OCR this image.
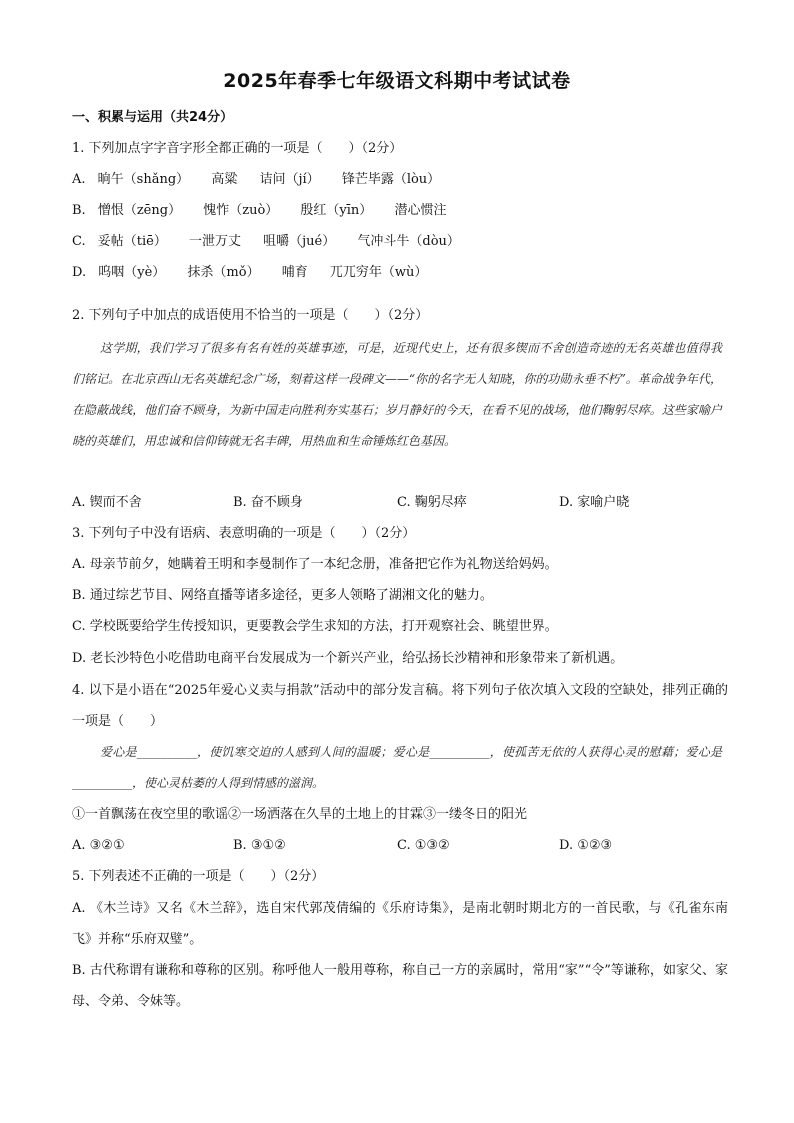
2025年春季七年级语文科期中考试试卷
一、积累与运用（共24分）
1. 下列加点字字音字形全都正确的一项是（　　）（2分）
A. 晌午（shǎng） 高粱 诘问（jí） 锋芒毕露（lòu）
B. 憎恨（zēng） 愧怍（zuò） 殷红（yīn） 潜心惯注
C. 妥帖（tiē） 一泄万丈 咀嚼（jué） 气冲斗牛（dòu）
D. 呜咽（yè） 抹杀（mǒ） 哺育 兀兀穷年（wù）
2. 下列句子中加点的成语使用不恰当的一项是（　　）（2分）
这学期，我们学习了很多有名有姓的英雄事迹，可是，近现代史上，还有很多锲而不舍创造奇迹的无名英雄也值得我们铭记。在北京西山无名英雄纪念广场，刻着这样一段碑文——“你的名字无人知晓，你的功勋永垂不朽”。革命战争年代，在隐蔽战线，他们奋不顾身，为新中国走向胜利夯实基石；岁月静好的今天，在看不见的战场，他们鞠躬尽瘁。这些家喻户晓的英雄们，用忠诚和信仰铸就无名丰碑，用热血和生命锤炼红色基因。
A. 锲而不舍	B. 奋不顾身	C. 鞠躬尽瘁	D. 家喻户晓
3. 下列句子中没有语病、表意明确的一项是（　　）（2分）
A. 母亲节前夕，她瞒着王明和李曼制作了一本纪念册，准备把它作为礼物送给妈妈。
B. 通过综艺节目、网络直播等诸多途径，更多人领略了湖湘文化的魅力。
C. 学校既要给学生传授知识，更要教会学生求知的方法，打开观察社会、眺望世界。
D. 老长沙特色小吃借助电商平台发展成为一个新兴产业，给弘扬长沙精神和形象带来了新机遇。
4. 以下是小语在“2025年爱心义卖与捐款”活动中的部分发言稿。将下列句子依次填入文段的空缺处，排列正确的一项是（　　）
爱心是__________，使饥寒交迫的人感到人间的温暖；爱心是__________，使孤苦无依的人获得心灵的慰藉；爱心是__________，使心灵枯萎的人得到情感的滋润。
①一首飘荡在夜空里的歌谣②一场洒落在久旱的土地上的甘霖③一缕冬日的阳光
A. ③②①	B. ③①②	C. ①③②	D. ①②③
5. 下列表述不正确的一项是（　　）（2分）
A. 《木兰诗》又名《木兰辞》，选自宋代郭茂倩编的《乐府诗集》，是南北朝时期北方的一首民歌，与《孔雀东南飞》并称“乐府双璧”。
B. 古代称谓有谦称和尊称的区别。称呼他人一般用尊称，称自己一方的亲属时，常用“家”“令”等谦称，如家父、家母、令弟、令妹等。
